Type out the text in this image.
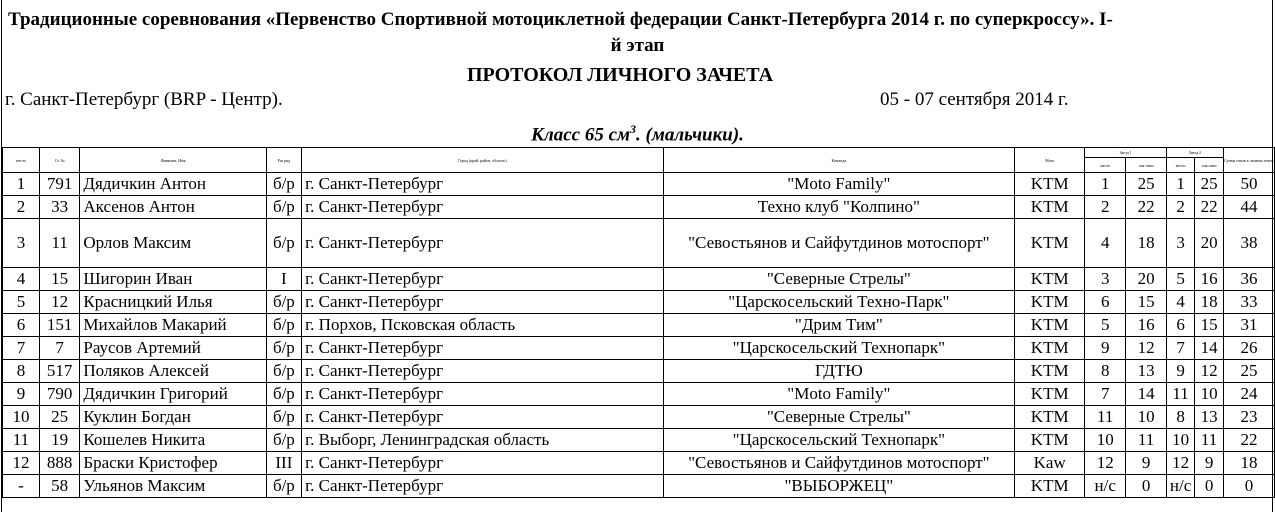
Традиционные соревнования «Первенство Спортивной мотоциклетной федерации Санкт-Петербурга 2014 г. по суперкроссу». I-
й этап
ПРОТОКОЛ ЛИЧНОГО ЗАЧЕТА
г. Санкт-Петербург (BRP - Центр).	05 - 07 сентября 2014 г.
Класс 65 $см^3$. (мальчики).
место	Ст. №	Фамилия, Имя	Раз ряд	Город (край, район, область)	Команда	Мото	Заезд 1		Заезд 2		Сумма очков в личном зачете
							место	очк очки	место	очк очки	
1	791	Дядичкин Антон	б/р	г. Санкт-Петербург	"Moto Family"	KTM	1	25	1	25	50
2	33	Аксенов Антон	б/р	г. Санкт-Петербург	Техно клуб "Колпино"	KTM	2	22	2	22	44
3	11	Орлов Максим	б/р	г. Санкт-Петербург	"Севостьянов и Сайфутдинов мотоспорт"	KTM	4	18	3	20	38
4	15	Шигорин Иван	I	г. Санкт-Петербург	"Северные Стрелы"	KTM	3	20	5	16	36
5	12	Красницкий Илья	б/р	г. Санкт-Петербург	"Царскосельский Техно-Парк"	KTM	6	15	4	18	33
6	151	Михайлов Макарий	б/р	г. Порхов, Псковская область	"Дрим Тим"	KTM	5	16	6	15	31
7	7	Раусов Артемий	б/р	г. Санкт-Петербург	"Царскосельский Технопарк"	KTM	9	12	7	14	26
8	517	Поляков Алексей	б/р	г. Санкт-Петербург	ГДТЮ	KTM	8	13	9	12	25
9	790	Дядичкин Григорий	б/р	г. Санкт-Петербург	"Moto Family"	KTM	7	14	11	10	24
10	25	Куклин Богдан	б/р	г. Санкт-Петербург	"Северные Стрелы"	KTM	11	10	8	13	23
11	19	Кошелев Никита	б/р	г. Выборг, Ленинградская область	"Царскосельский Технопарк"	KTM	10	11	10	11	22
12	888	Браски Кристофер	III	г. Санкт-Петербург	"Севостьянов и Сайфутдинов мотоспорт"	Kaw	12	9	12	9	18
-	58	Ульянов Максим	б/р	г. Санкт-Петербург	"ВЫБОРЖЕЦ"	KTM	н/с	0	н/с	0	0
